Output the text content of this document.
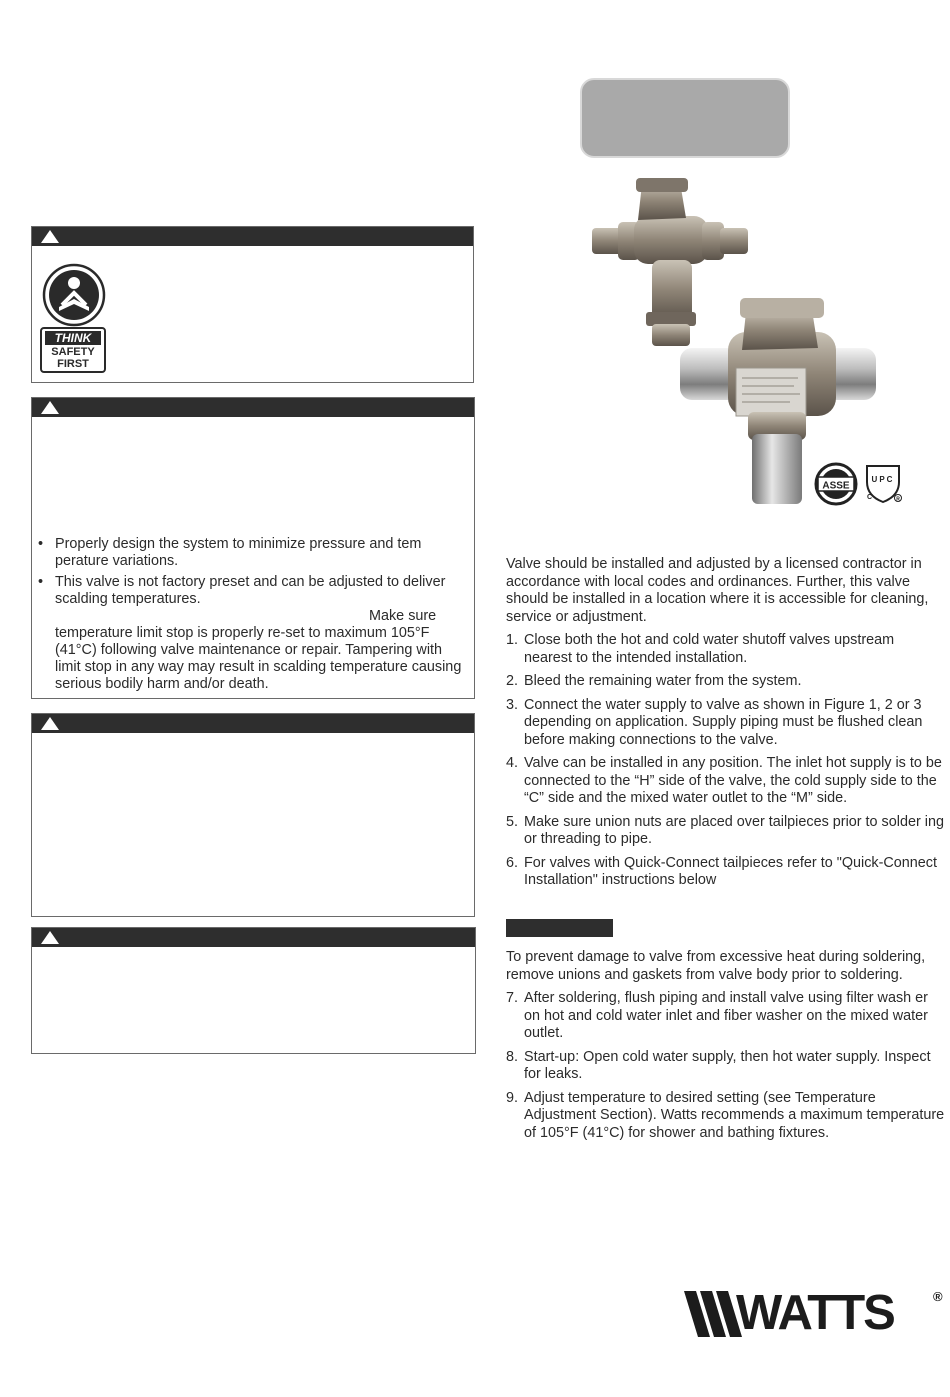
THINK
SAFETY
FIRST
• Properly design the system to minimize pressure and tem perature variations.
• This valve is not factory preset and can be adjusted to deliver scalding temperatures.
Make sure
temperature limit stop is properly re-set to maximum 105°F (41°C) following valve maintenance or repair. Tampering with limit stop in any way may result in scalding temperature causing serious bodily harm and/or death.
ASSE
UPC
C	R
Valve should be installed and adjusted by a licensed contractor in accordance with local codes and ordinances. Further, this valve should be installed in a location where it is accessible for cleaning, service or adjustment.
1. Close both the hot and cold water shutoff valves upstream nearest to the intended installation.
2. Bleed the remaining water from the system.
3. Connect the water supply to valve as shown in Figure 1, 2 or 3 depending on application. Supply piping must be flushed clean before making connections to the valve.
4. Valve can be installed in any position. The inlet hot supply is to be connected to the “H” side of the valve, the cold supply side to the “C” side and the mixed water outlet to the “M” side.
5. Make sure union nuts are placed over tailpieces prior to solder ing or threading to pipe.
6. For valves with Quick-Connect tailpieces refer to "Quick-Connect Installation" instructions below
To prevent damage to valve from excessive heat during soldering, remove unions and gaskets from valve body prior to soldering.
7. After soldering, flush piping and install valve using filter wash er on hot and cold water inlet and fiber washer on the mixed water outlet.
8. Start-up: Open cold water supply, then hot water supply. Inspect for leaks.
9. Adjust temperature to desired setting (see Temperature Adjustment Section). Watts recommends a maximum temperature of 105°F (41°C) for shower and bathing fixtures.
WATTS	®
